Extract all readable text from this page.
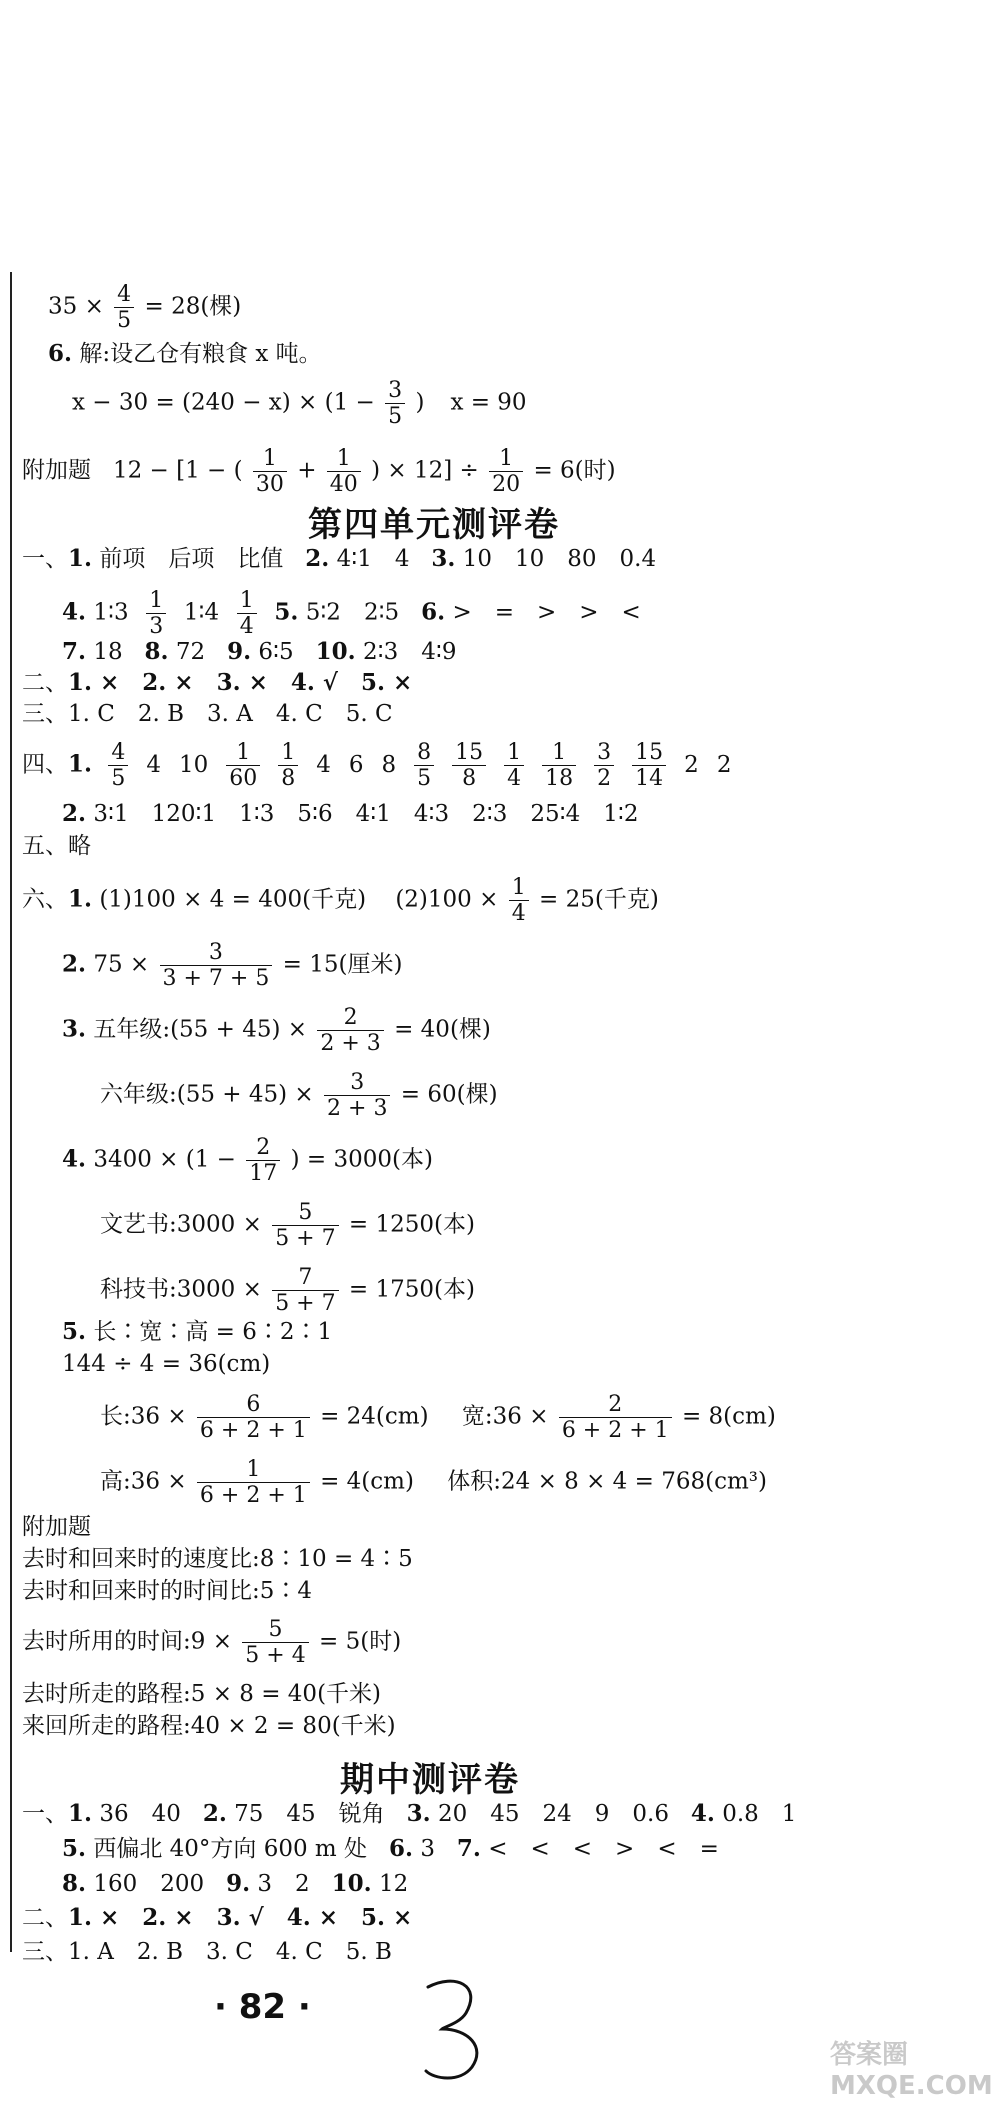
$35 \times \frac{4}{5} = 28$(棵)
6. 解:设乙仓有粮食 x 吨。
$x - 30 = (240 - x) \times (1 - \frac{3}{5}$ ) x = 90
附加题 12 − [1 − ( $\frac{1}{30} + \frac{1}{40}$ ) × $12] \div \frac{1}{20} = 6$(时)
第四单元测评卷
一、1. 前项　后项　比值 2. 4∶1　4 3. 10　10　80　0.4
4. 1∶3 $\frac{1}{3}$ 1∶4 $\frac{1}{4} 5$. 5∶2　2∶5 6. >　=　>　>　<
7. 18 8. 72 9. 6∶5 10. 2∶3　4∶9
二、1. ×　2. ×　3. ×　4. √　5. ×
三、1. C　2. B　3. A　4. C　5. C
四、1. $\frac{4}{5} 4$ $10 \frac{1}{60} \frac{1}{8} 4$ 6 $8 \frac{8}{5} \frac{15}{8} \frac{1}{4} \frac{1}{18} \frac{3}{2} \frac{15}{14} 2$ 2
2. 3∶1　120∶1　1∶3　5∶6　4∶1　4∶3　2∶3　25∶4　1∶2
五、略
六、1. (1)100 × 4 = 400(千克) $(2)100 \times \frac{1}{4} = 25$(千克)
2. $75 \times \frac{3}{3 + 7 + 5} = 15$(厘米)
3. 五年级:(55 + $45) \times \frac{2}{2 + 3} = 40$(棵)
六年级:(55 + $45) \times \frac{3}{2 + 3} = 60$(棵)
4. $3400 \times (1 - \frac{2}{17}$ ) = 3000(本)
文艺书:3000 × $\frac{5}{5 + 7} = 1250$(本)
科技书:3000 × $\frac{7}{5 + 7} = 1750$(本)
5. 长∶宽∶高 = 6∶2∶1
144 ÷ 4 = 36(cm)
长:36 × $\frac{6}{6 + 2 + 1} = 24(cm)$ 宽:36 × $\frac{2}{6 + 2 + 1} = 8(cm)$
高:36 × $\frac{1}{6 + 2 + 1} = 4(cm)$ 体积:24 × 8 × 4 = 768(cm³)
附加题
去时和回来时的速度比:8∶10 = 4∶5
去时和回来时的时间比:5∶4
去时所用的时间:9 × $\frac{5}{5 + 4} = 5$(时)
去时所走的路程:5 × 8 = 40(千米)
来回所走的路程:40 × 2 = 80(千米)
期中测评卷
一、1. 36　40 2. 75　45　锐角 3. 20　45　24　9　0.6 4. 0.8　1
5. 西偏北 40°方向 600 m 处 6. 3 7. <　<　<　>　<　=
8. 160　200 9. 3　2 10. 12
二、1. ×　2. ×　3. √　4. ×　5. ×
三、1. A　2. B　3. C　4. C　5. B
· 82 ·
答案圈 MXQE.COM
